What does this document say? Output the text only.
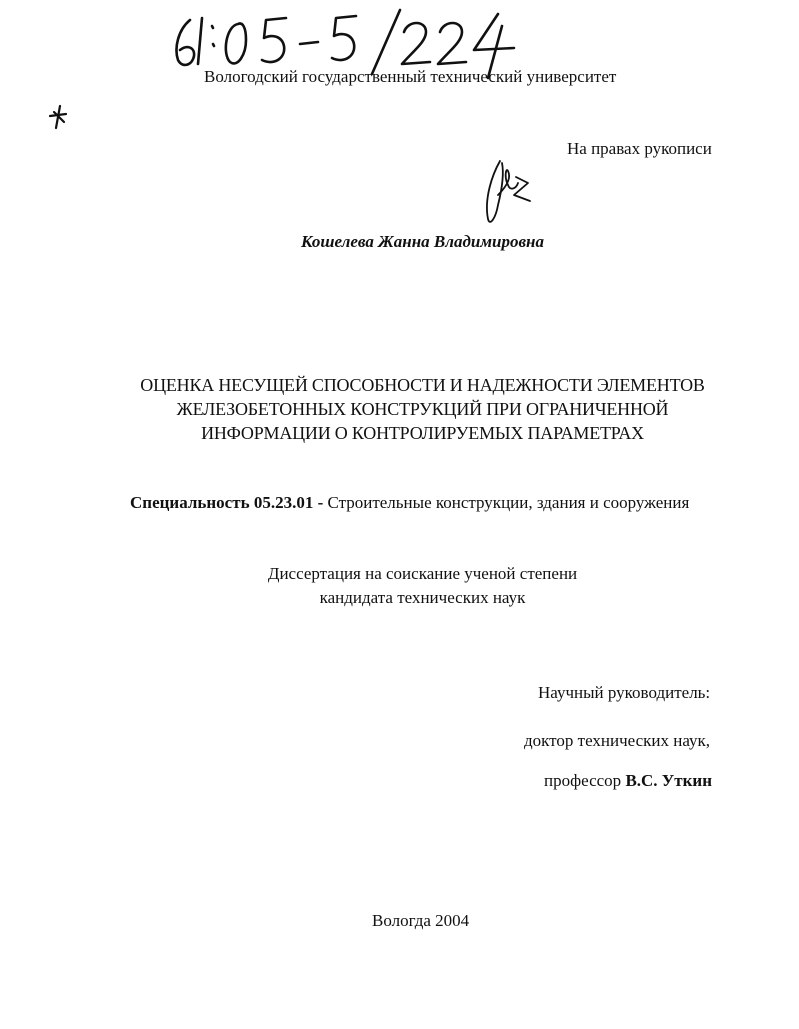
Вологодский государственный технический университет
На правах рукописи
Кошелева Жанна Владимировна
ОЦЕНКА НЕСУЩЕЙ СПОСОБНОСТИ И НАДЕЖНОСТИ ЭЛЕМЕНТОВ
ЖЕЛЕЗОБЕТОННЫХ КОНСТРУКЦИЙ ПРИ ОГРАНИЧЕННОЙ
ИНФОРМАЦИИ О КОНТРОЛИРУЕМЫХ ПАРАМЕТРАХ
Специальность 05.23.01 - Строительные конструкции, здания и сооружения
Диссертация на соискание ученой степени
кандидата технических наук
Научный руководитель:
доктор технических наук,
профессор В.С. Уткин
Вологда 2004
